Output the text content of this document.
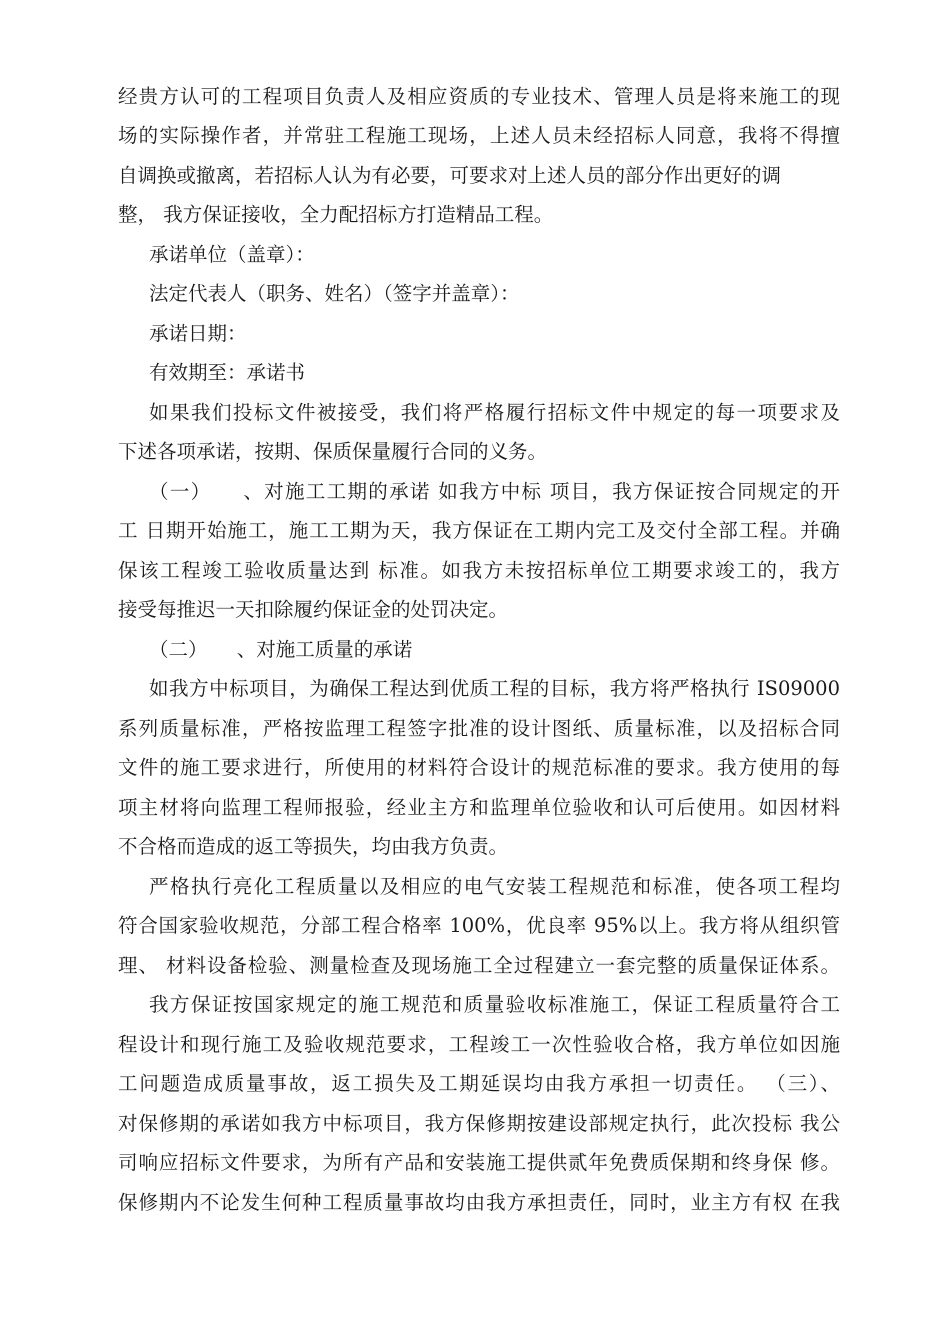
经贵方认可的工程项目负责人及相应资质的专业技术、管理人员是将来施工的现
场的实际操作者，并常驻工程施工现场，上述人员未经招标人同意，我将不得擅
自调换或撤离，若招标人认为有必要，可要求对上述人员的部分作出更好的调
整， 我方保证接收，全力配招标方打造精品工程。
承诺单位（盖章）：
法定代表人（职务、姓名）（签字并盖章）：
承诺日期：
有效期至：承诺书
如果我们投标文件被接受，我们将严格履行招标文件中规定的每一项要求及
下述各项承诺，按期、保质保量履行合同的义务。
（一）　　、对施工工期的承诺 如我方中标 项目，我方保证按合同规定的开
工 日期开始施工，施工工期为天，我方保证在工期内完工及交付全部工程。并确
保该工程竣工验收质量达到 标准。如我方未按招标单位工期要求竣工的，我方
接受每推迟一天扣除履约保证金的处罚决定。
（二）　　、对施工质量的承诺
如我方中标项目，为确保工程达到优质工程的目标，我方将严格执行 IS09000
系列质量标准，严格按监理工程签字批准的设计图纸、质量标准，以及招标合同
文件的施工要求进行，所使用的材料符合设计的规范标准的要求。我方使用的每
项主材将向监理工程师报验，经业主方和监理单位验收和认可后使用。如因材料
不合格而造成的返工等损失，均由我方负责。
严格执行亮化工程质量以及相应的电气安装工程规范和标准，使各项工程均
符合国家验收规范，分部工程合格率 100%，优良率 95%以上。我方将从组织管
理、 材料设备检验、测量检查及现场施工全过程建立一套完整的质量保证体系。
我方保证按国家规定的施工规范和质量验收标准施工，保证工程质量符合工
程设计和现行施工及验收规范要求，工程竣工一次性验收合格，我方单位如因施
工问题造成质量事故，返工损失及工期延误均由我方承担一切责任。 （三）、
对保修期的承诺如我方中标项目，我方保修期按建设部规定执行，此次投标 我公
司响应招标文件要求，为所有产品和安装施工提供贰年免费质保期和终身保 修。
保修期内不论发生何种工程质量事故均由我方承担责任，同时，业主方有权 在我
